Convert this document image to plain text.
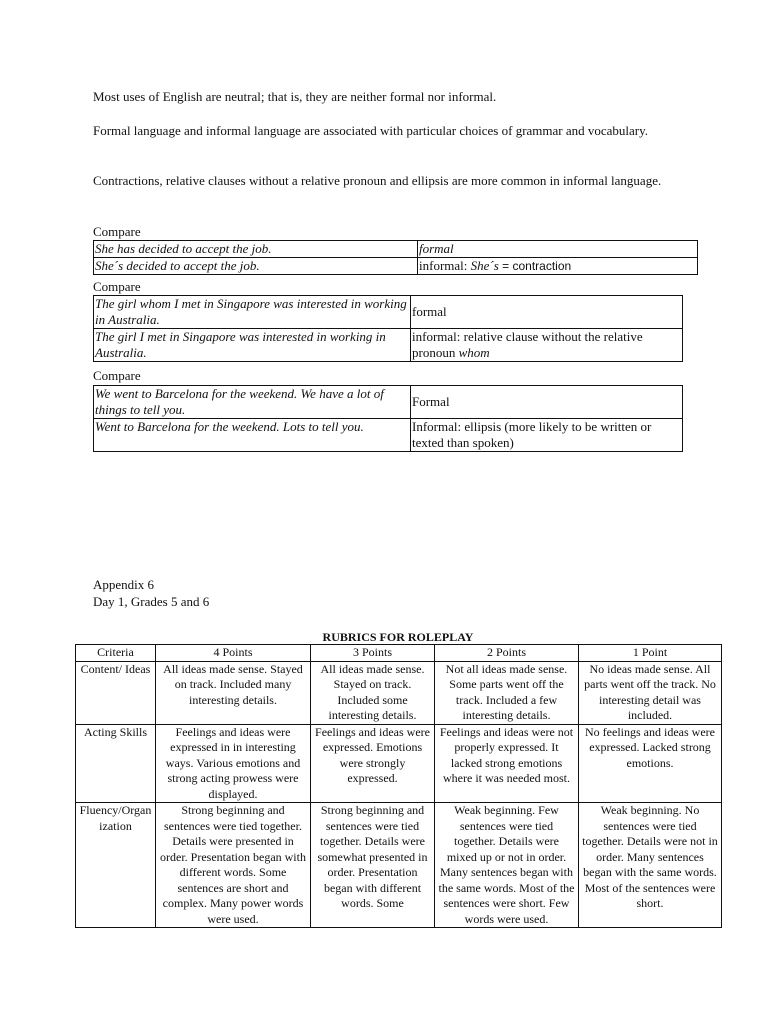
Most uses of English are neutral; that is, they are neither formal nor informal.

Formal language and informal language are associated with particular choices of grammar and vocabulary.

Contractions, relative clauses without a relative pronoun and ellipsis are more common in informal language.

Compare

She has decided to accept the job.	formal
She´s decided to accept the job.	informal: She´s = contraction

Compare

The girl whom I met in Singapore was interested in working in Australia.	formal
The girl I met in Singapore was interested in working in Australia.	informal: relative clause without the relative pronoun whom

Compare

We went to Barcelona for the weekend. We have a lot of things to tell you.	Formal
Went to Barcelona for the weekend. Lots to tell you.	Informal: ellipsis (more likely to be written or texted than spoken)

Appendix 6

Day 1, Grades 5 and 6

RUBRICS FOR ROLEPLAY

Criteria	4 Points	3 Points	2 Points	1 Point
Content/ Ideas	All ideas made sense. Stayed on track. Included many interesting details.	All ideas made sense. Stayed on track. Included some interesting details.	Not all ideas made sense. Some parts went off the track. Included a few interesting details.	No ideas made sense. All parts went off the track. No interesting detail was included.
Acting Skills	Feelings and ideas were expressed in in interesting ways. Various emotions and strong acting prowess were displayed.	Feelings and ideas were expressed. Emotions were strongly expressed.	Feelings and ideas were not properly expressed. It lacked strong emotions where it was needed most.	No feelings and ideas were expressed. Lacked strong emotions.
Fluency/Organization	Strong beginning and sentences were tied together. Details were presented in order. Presentation began with different words. Some sentences are short and complex. Many power words were used.	Strong beginning and sentences were tied together. Details were somewhat presented in order. Presentation began with different words. Some	Weak beginning. Few sentences were tied together. Details were mixed up or not in order. Many sentences began with the same words. Most of the sentences were short. Few words were used.	Weak beginning. No sentences were tied together. Details were not in order. Many sentences began with the same words. Most of the sentences were short.
